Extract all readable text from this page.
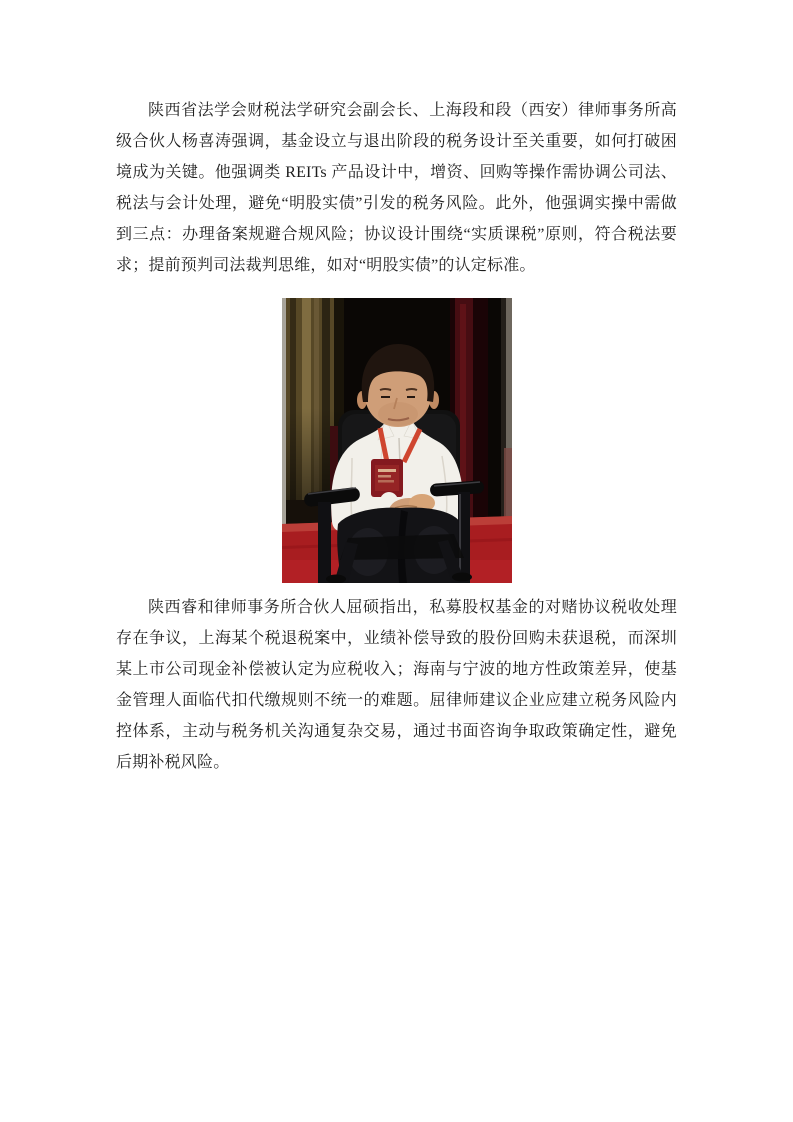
陕西省法学会财税法学研究会副会长、上海段和段（西安）律师事务所高级合伙人杨喜涛强调，基金设立与退出阶段的税务设计至关重要，如何打破困境成为关键。他强调类 REITs 产品设计中，增资、回购等操作需协调公司法、税法与会计处理，避免“明股实债”引发的税务风险。此外，他强调实操中需做到三点：办理备案规避合规风险；协议设计围绕“实质课税”原则，符合税法要求；提前预判司法裁判思维，如对“明股实债”的认定标准。

陕西睿和律师事务所合伙人屈硕指出，私募股权基金的对赌协议税收处理存在争议，上海某个税退税案中，业绩补偿导致的股份回购未获退税，而深圳某上市公司现金补偿被认定为应税收入；海南与宁波的地方性政策差异，使基金管理人面临代扣代缴规则不统一的难题。屈律师建议企业应建立税务风险内控体系，主动与税务机关沟通复杂交易，通过书面咨询争取政策确定性，避免后期补税风险。
